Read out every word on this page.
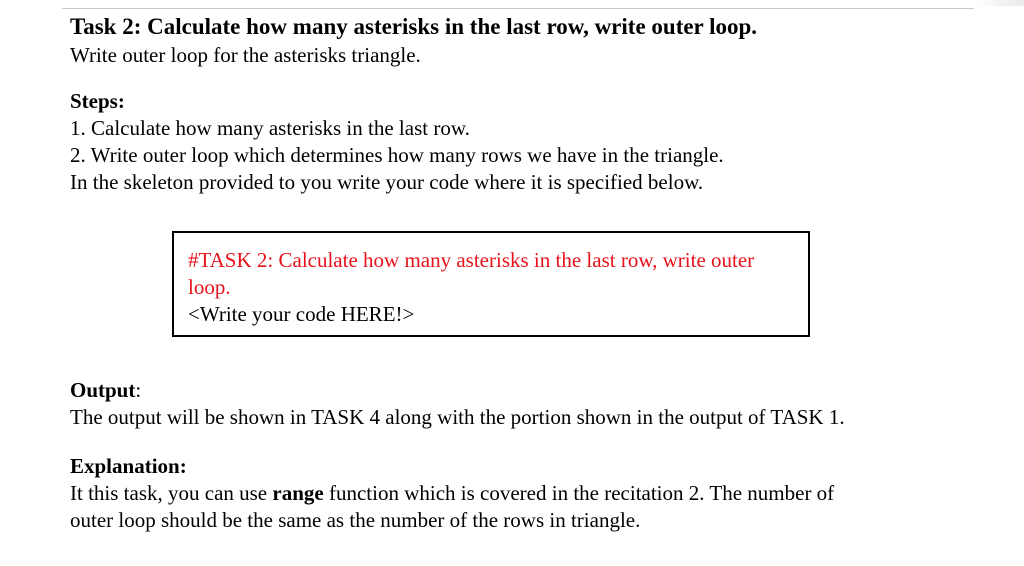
Task 2: Calculate how many asterisks in the last row, write outer loop.

Write outer loop for the asterisks triangle.

Steps:

1. Calculate how many asterisks in the last row.

2. Write outer loop which determines how many rows we have in the triangle.

In the skeleton provided to you write your code where it is specified below.

#TASK 2: Calculate how many asterisks in the last row, write outer
loop.
<Write your code HERE!>

Output:

The output will be shown in TASK 4 along with the portion shown in the output of TASK 1.

Explanation:

It this task, you can use range function which is covered in the recitation 2. The number of

outer loop should be the same as the number of the rows in triangle.
